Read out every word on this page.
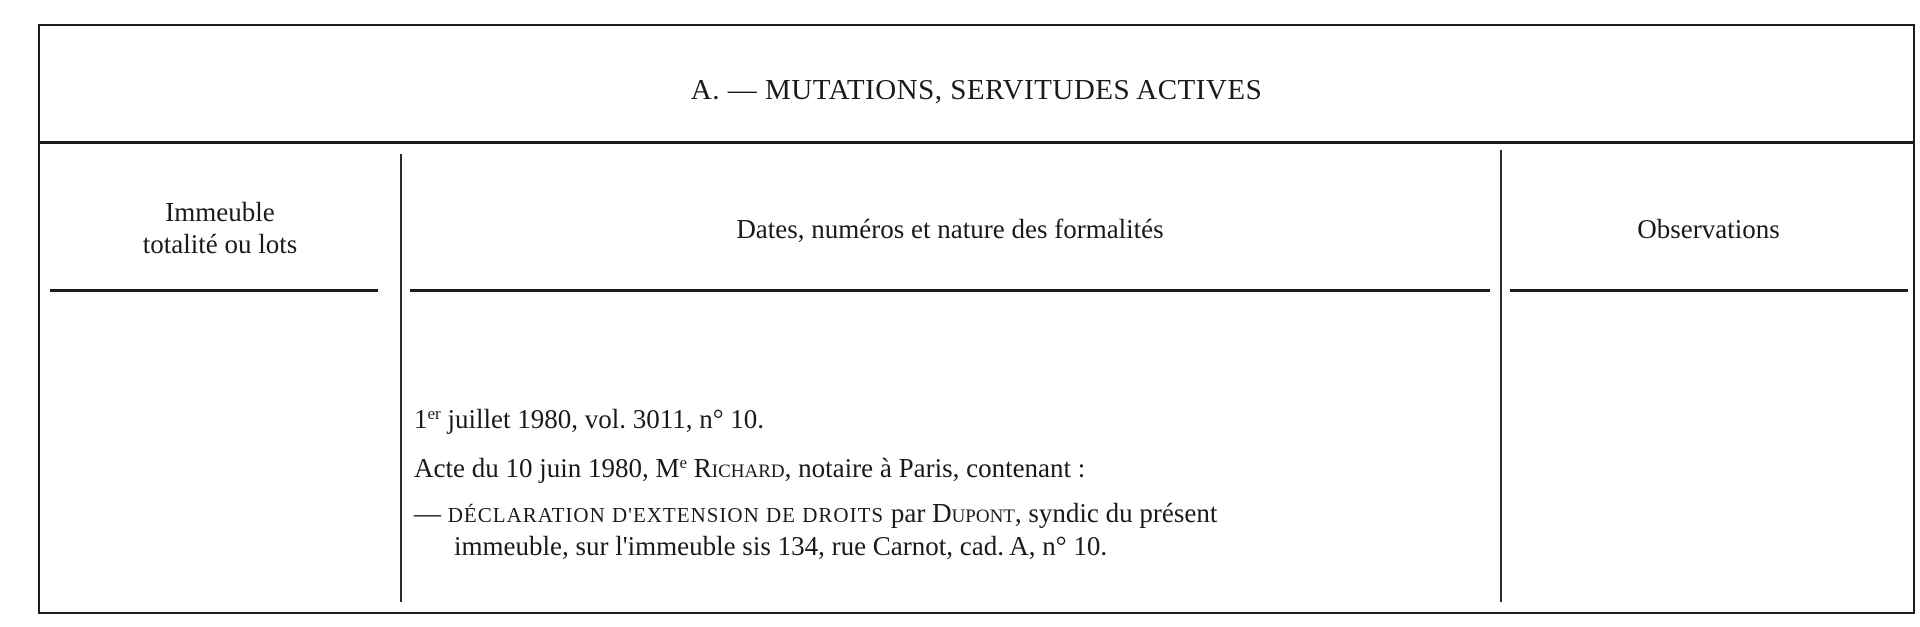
A. — MUTATIONS, SERVITUDES ACTIVES
Immeuble
totalité ou lots	Dates, numéros et nature des formalités	Observations
1er juillet 1980, vol. 3011, n° 10.
Acte du 10 juin 1980, Me Richard, notaire à Paris, contenant :
— DÉCLARATION D'EXTENSION DE DROITS par Dupont, syndic du présent
immeuble, sur l'immeuble sis 134, rue Carnot, cad. A, n° 10.
